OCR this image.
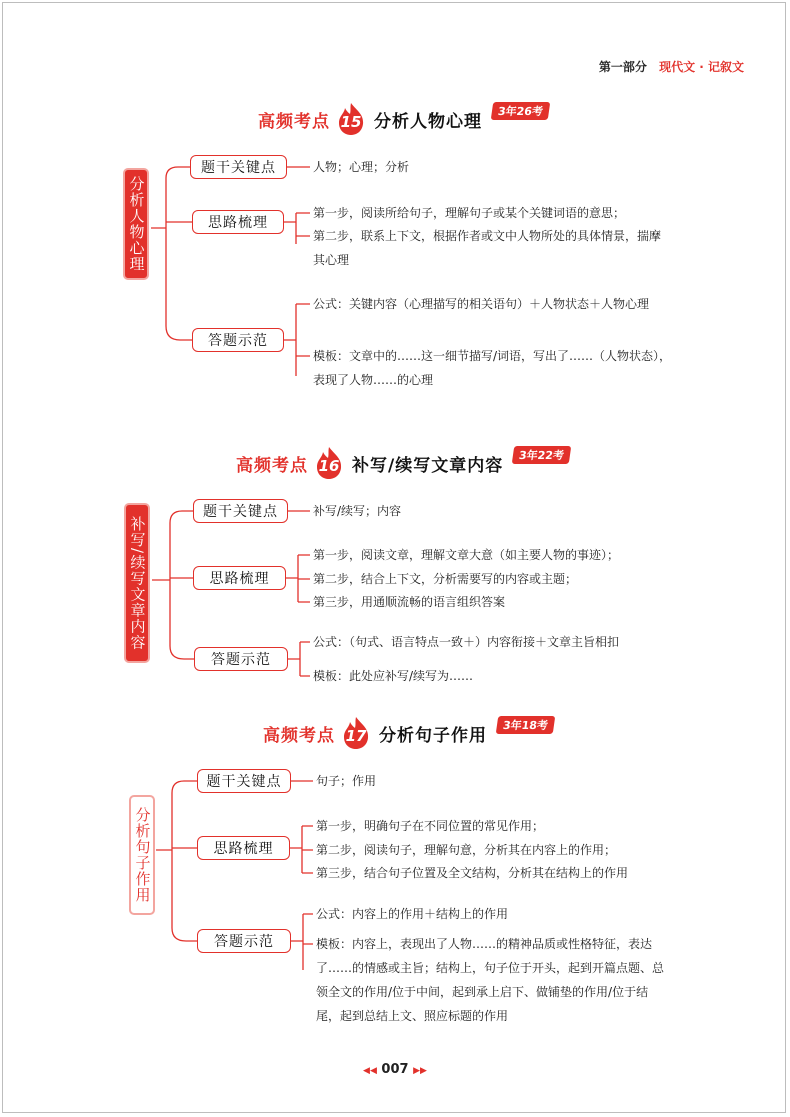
第一部分 现代文 · 记叙文
高频考点 15 分析人物心理	3年26考
分析人物心理
题干关键点
思路梳理
答题示范
人物；心理；分析
第一步，阅读所给句子，理解句子或某个关键词语的意思；
第二步，联系上下文，根据作者或文中人物所处的具体情景，揣摩其心理
公式：关键内容（心理描写的相关语句）＋人物状态＋人物心理
模板：文章中的……这一细节描写/词语，写出了……（人物状态），表现了人物……的心理
高频考点 16 补写/续写文章内容	3年22考
补写/续写文章内容
题干关键点
思路梳理
答题示范
补写/续写；内容
第一步，阅读文章，理解文章大意（如主要人物的事迹）；
第二步，结合上下文，分析需要写的内容或主题；
第三步，用通顺流畅的语言组织答案
公式：（句式、语言特点一致＋）内容衔接＋文章主旨相扣
模板：此处应补写/续写为……
高频考点 17 分析句子作用	3年18考
分析句子作用
题干关键点
思路梳理
答题示范
句子；作用
第一步，明确句子在不同位置的常见作用；
第二步，阅读句子，理解句意，分析其在内容上的作用；
第三步，结合句子位置及全文结构，分析其在结构上的作用
公式：内容上的作用＋结构上的作用
模板：内容上，表现出了人物……的精神品质或性格特征，表达了……的情感或主旨；结构上，句子位于开头，起到开篇点题、总领全文的作用/位于中间，起到承上启下、做铺垫的作用/位于结尾，起到总结上文、照应标题的作用
◀◀ 007 ▶▶
